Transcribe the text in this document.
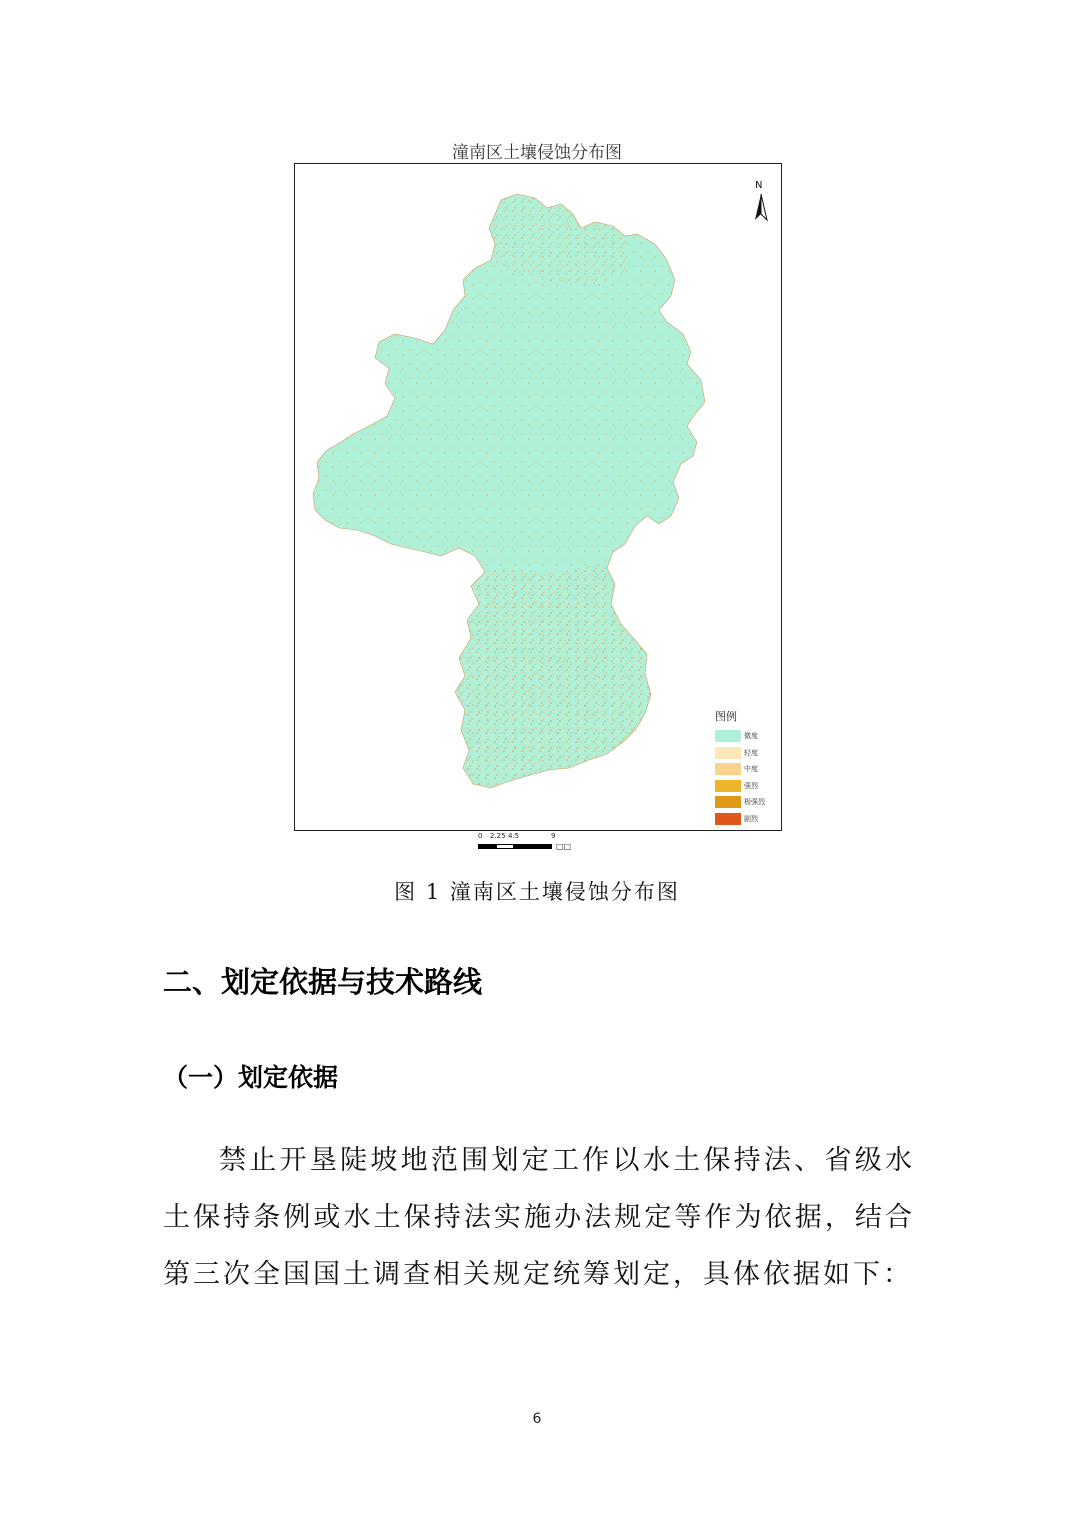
潼南区土壤侵蚀分布图
N
图例
微度
轻度
中度
强烈
极强烈
剧烈
0 2.25 4.5	9
□□
图 1 潼南区土壤侵蚀分布图
二、划定依据与技术路线
（一）划定依据
禁止开垦陡坡地范围划定工作以水土保持法、省级水土保持条例或水土保持法实施办法规定等作为依据，结合第三次全国国土调查相关规定统筹划定，具体依据如下：
6
